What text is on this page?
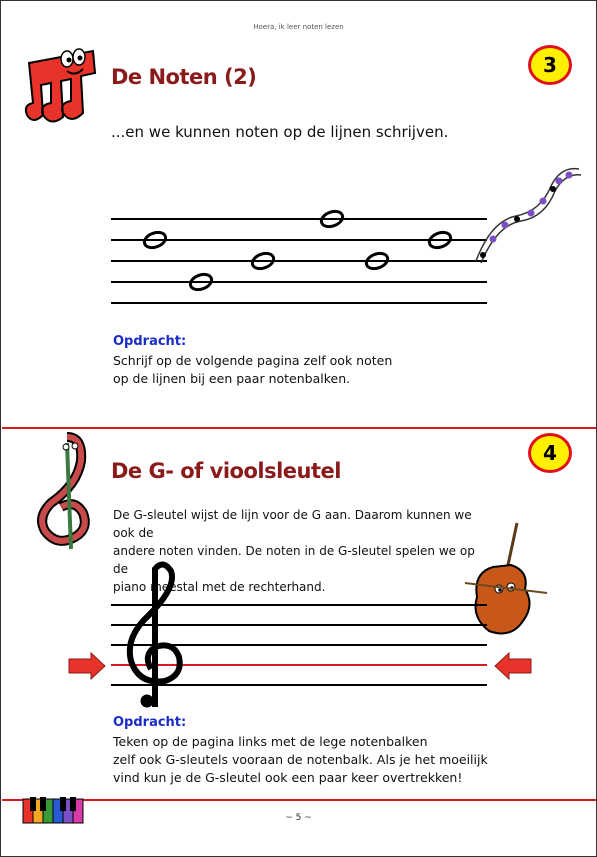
Hoera, ik leer noten lezen
De Noten (2)	3
...en we kunnen noten op de lijnen schrijven.
Opdracht:
Schrijf op de volgende pagina zelf ook noten
op de lijnen bij een paar notenbalken.
De G- of vioolsleutel
4
De G-sleutel wijst de lijn voor de G aan. Daarom kunnen we ook de
andere noten vinden. De noten in de G-sleutel spelen we op de
piano meestal met de rechterhand.
Opdracht:
Teken op de pagina links met de lege notenbalken
zelf ook G-sleutels vooraan de notenbalk. Als je het moeilijk
vind kun je de G-sleutel ook een paar keer overtrekken!
~ 5 ~
